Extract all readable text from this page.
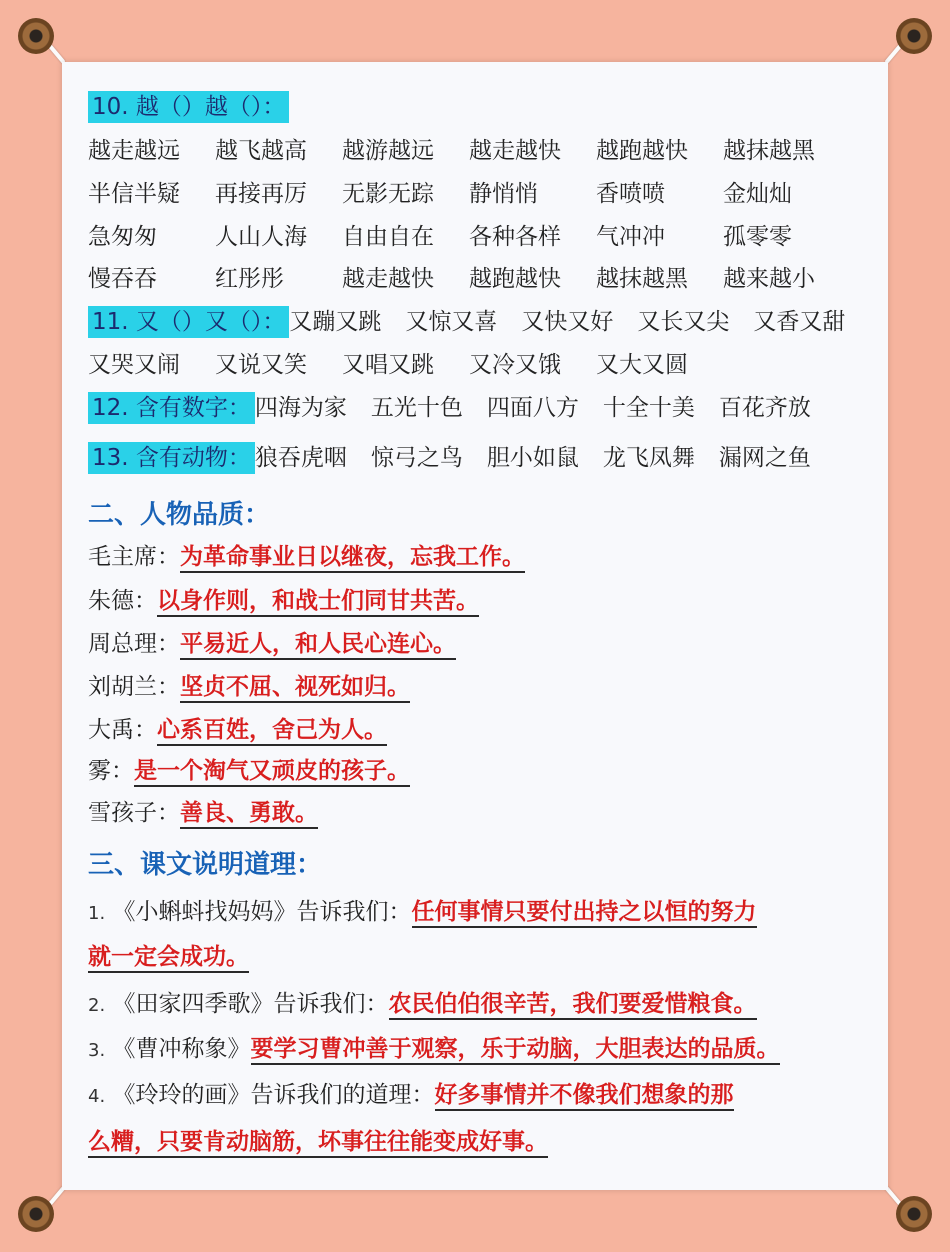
10. 越（）越（）：
越走越远 越飞越高 越游越远 越走越快 越跑越快 越抹越黑
半信半疑 再接再厉 无影无踪 静悄悄	香喷喷	金灿灿
急匆匆	人山人海 自由自在 各种各样 气冲冲	孤零零
慢吞吞	红彤彤	越走越快 越跑越快 越抹越黑 越来越小
11. 又（）又（）： 又蹦又跳 又惊又喜 又快又好 又长又尖 又香又甜
又哭又闹 又说又笑 又唱又跳 又冷又饿 又大又圆
12. 含有数字： 四海为家 五光十色 四面八方 十全十美 百花齐放
13. 含有动物： 狼吞虎咽 惊弓之鸟 胆小如鼠 龙飞凤舞 漏网之鱼
二、人物品质：
毛主席：为革命事业日以继夜，忘我工作。
朱德：以身作则，和战士们同甘共苦。
周总理：平易近人，和人民心连心。
刘胡兰：坚贞不屈、视死如归。
大禹：心系百姓，舍己为人。
雾：是一个淘气又顽皮的孩子。
雪孩子：善良、勇敢。
三、课文说明道理：
1. 《小蝌蚪找妈妈》告诉我们：任何事情只要付出持之以恒的努力
就一定会成功。
2. 《田家四季歌》告诉我们：农民伯伯很辛苦，我们要爱惜粮食。
3. 《曹冲称象》要学习曹冲善于观察，乐于动脑，大胆表达的品质。
4. 《玲玲的画》告诉我们的道理：好多事情并不像我们想象的那
么糟，只要肯动脑筋，坏事往往能变成好事。
